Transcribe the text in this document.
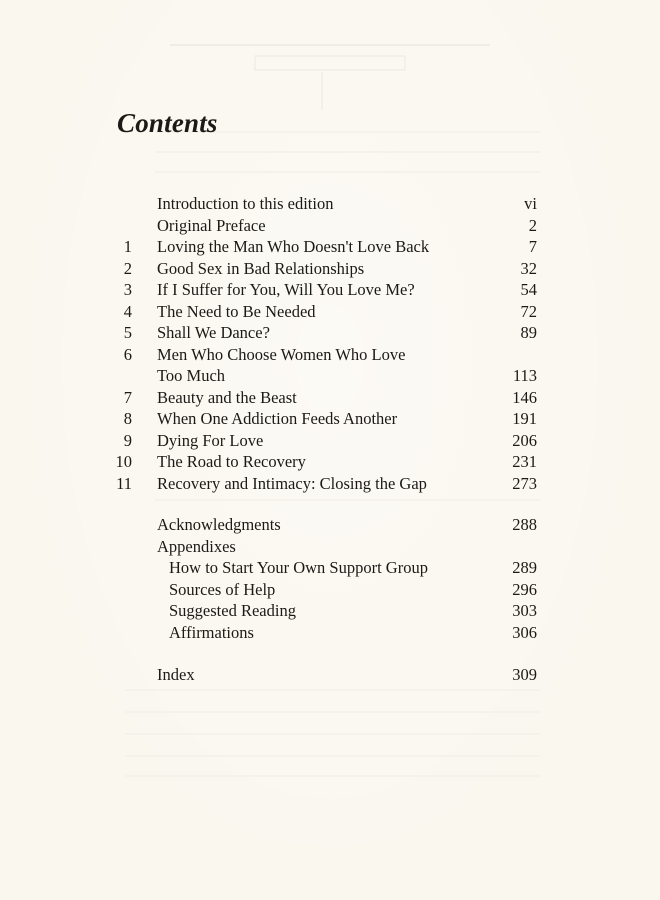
Contents
Introduction to this edition	vi
Original Preface	2
1 Loving the Man Who Doesn't Love Back	7
2 Good Sex in Bad Relationships	32
3 If I Suffer for You, Will You Love Me?	54
4 The Need to Be Needed	72
5 Shall We Dance?	89
6 Men Who Choose Women Who Love
Too Much	113
7 Beauty and the Beast	146
8 When One Addiction Feeds Another	191
9 Dying For Love	206
10 The Road to Recovery	231
11 Recovery and Intimacy: Closing the Gap	273
Acknowledgments	288
Appendixes
How to Start Your Own Support Group	289
Sources of Help	296
Suggested Reading	303
Affirmations	306
Index	309
